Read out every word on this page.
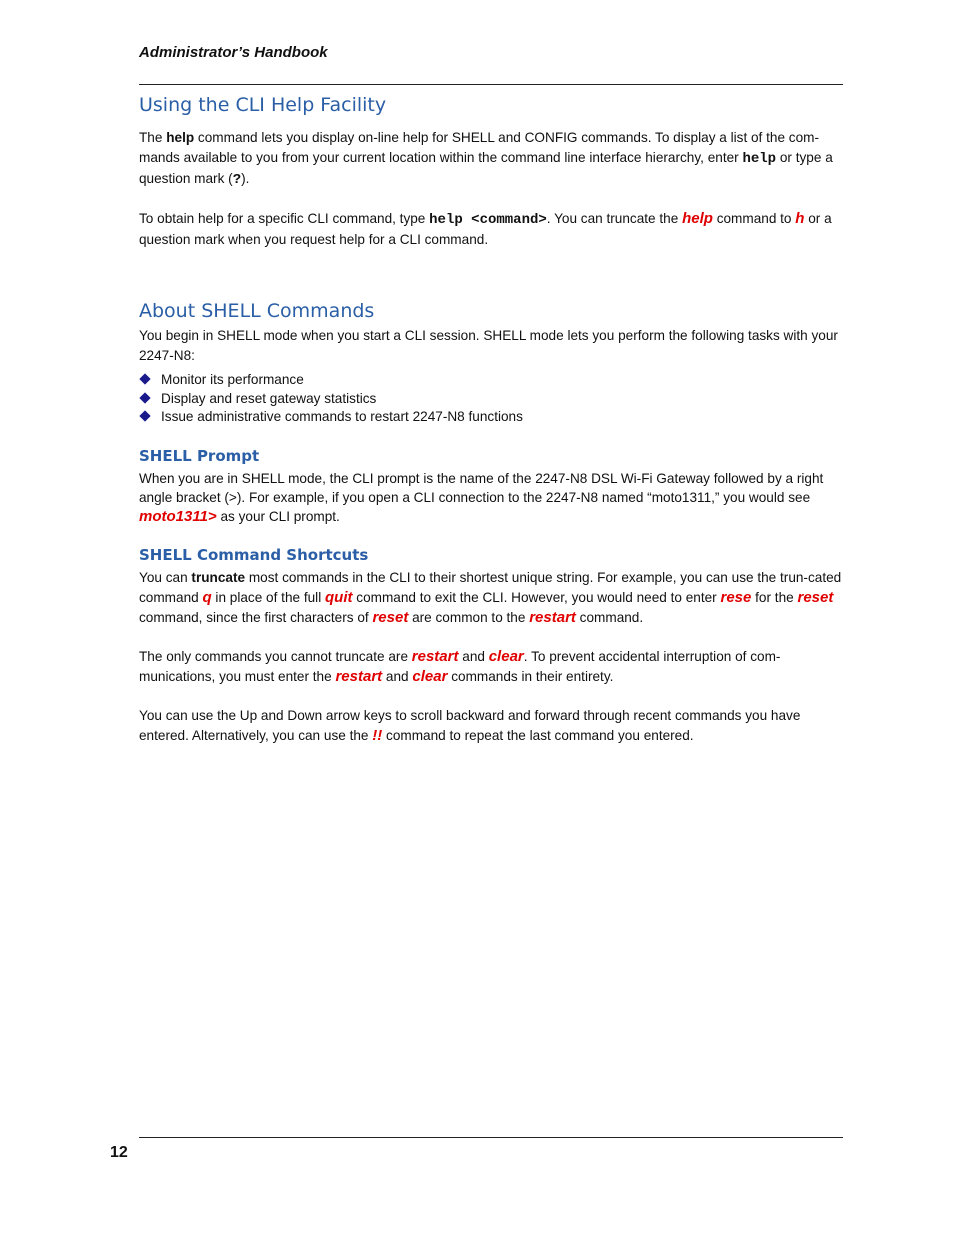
Administrator’s Handbook
Using the CLI Help Facility

The help command lets you display on-line help for SHELL and CONFIG commands. To display a list of the com-mands available to you from your current location within the command line interface hierarchy, enter help or type a question mark (?).

To obtain help for a specific CLI command, type help <command>. You can truncate the help command to h or a question mark when you request help for a CLI command.

About SHELL Commands

You begin in SHELL mode when you start a CLI session. SHELL mode lets you perform the following tasks with your 2247-N8:

Monitor its performance
Display and reset gateway statistics
Issue administrative commands to restart 2247-N8 functions
SHELL Prompt

When you are in SHELL mode, the CLI prompt is the name of the 2247-N8 DSL Wi-Fi Gateway followed by a right angle bracket (>). For example, if you open a CLI connection to the 2247-N8 named “moto1311,” you would see moto1311> as your CLI prompt.

SHELL Command Shortcuts

You can truncate most commands in the CLI to their shortest unique string. For example, you can use the trun-cated command q in place of the full quit command to exit the CLI. However, you would need to enter rese for the reset command, since the first characters of reset are common to the restart command.

The only commands you cannot truncate are restart and clear. To prevent accidental interruption of com-munications, you must enter the restart and clear commands in their entirety.

You can use the Up and Down arrow keys to scroll backward and forward through recent commands you have entered. Alternatively, you can use the !! command to repeat the last command you entered.

12
